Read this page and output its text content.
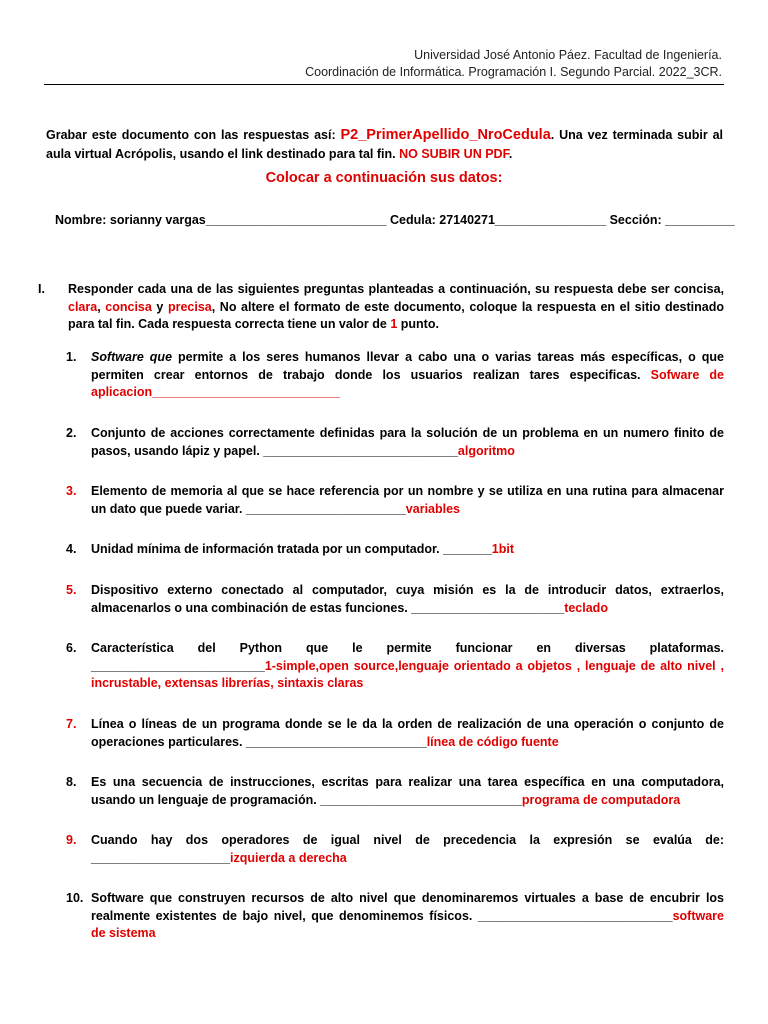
Universidad José Antonio Páez. Facultad de Ingeniería.
Coordinación de Informática. Programación I. Segundo Parcial. 2022_3CR.
Grabar este documento con las respuestas así: P2_PrimerApellido_NroCedula. Una vez terminada subir al aula virtual Acrópolis, usando el link destinado para tal fin. NO SUBIR UN PDF.
Colocar a continuación sus datos:
Nombre: sorianny vargas__________________________ Cedula: 27140271________________ Sección: __________
I. Responder cada una de las siguientes preguntas planteadas a continuación, su respuesta debe ser concisa, clara, concisa y precisa, No altere el formato de este documento, coloque la respuesta en el sitio destinado para tal fin. Cada respuesta correcta tiene un valor de 1 punto.
1.	Software que permite a los seres humanos llevar a cabo una o varias tareas más específicas, o que permiten crear entornos de trabajo donde los usuarios realizan tares especificas. Sofware de aplicacion___________________________
2.	Conjunto de acciones correctamente definidas para la solución de un problema en un numero finito de pasos, usando lápiz y papel. ____________________________algoritmo
3.	Elemento de memoria al que se hace referencia por un nombre y se utiliza en una rutina para almacenar un dato que puede variar. _______________________variables
4.	Unidad mínima de información tratada por un computador. _______1bit
5.	Dispositivo externo conectado al computador, cuya misión es la de introducir datos, extraerlos, almacenarlos o una combinación de estas funciones. ______________________teclado
6.	Característica del Python que le permite funcionar en diversas plataformas. _________________________1-simple,open source,lenguaje orientado a objetos , lenguaje de alto nivel , incrustable, extensas librerías, sintaxis claras
7.	Línea o líneas de un programa donde se le da la orden de realización de una operación o conjunto de operaciones particulares. __________________________línea de código fuente
8.	Es una secuencia de instrucciones, escritas para realizar una tarea específica en una computadora, usando un lenguaje de programación. _____________________________programa de computadora
9.	Cuando hay dos operadores de igual nivel de precedencia la expresión se evalúa de: ____________________izquierda a derecha
10. Software que construyen recursos de alto nivel que denominaremos virtuales a base de encubrir los realmente existentes de bajo nivel, que denominemos físicos. ____________________________software de sistema
